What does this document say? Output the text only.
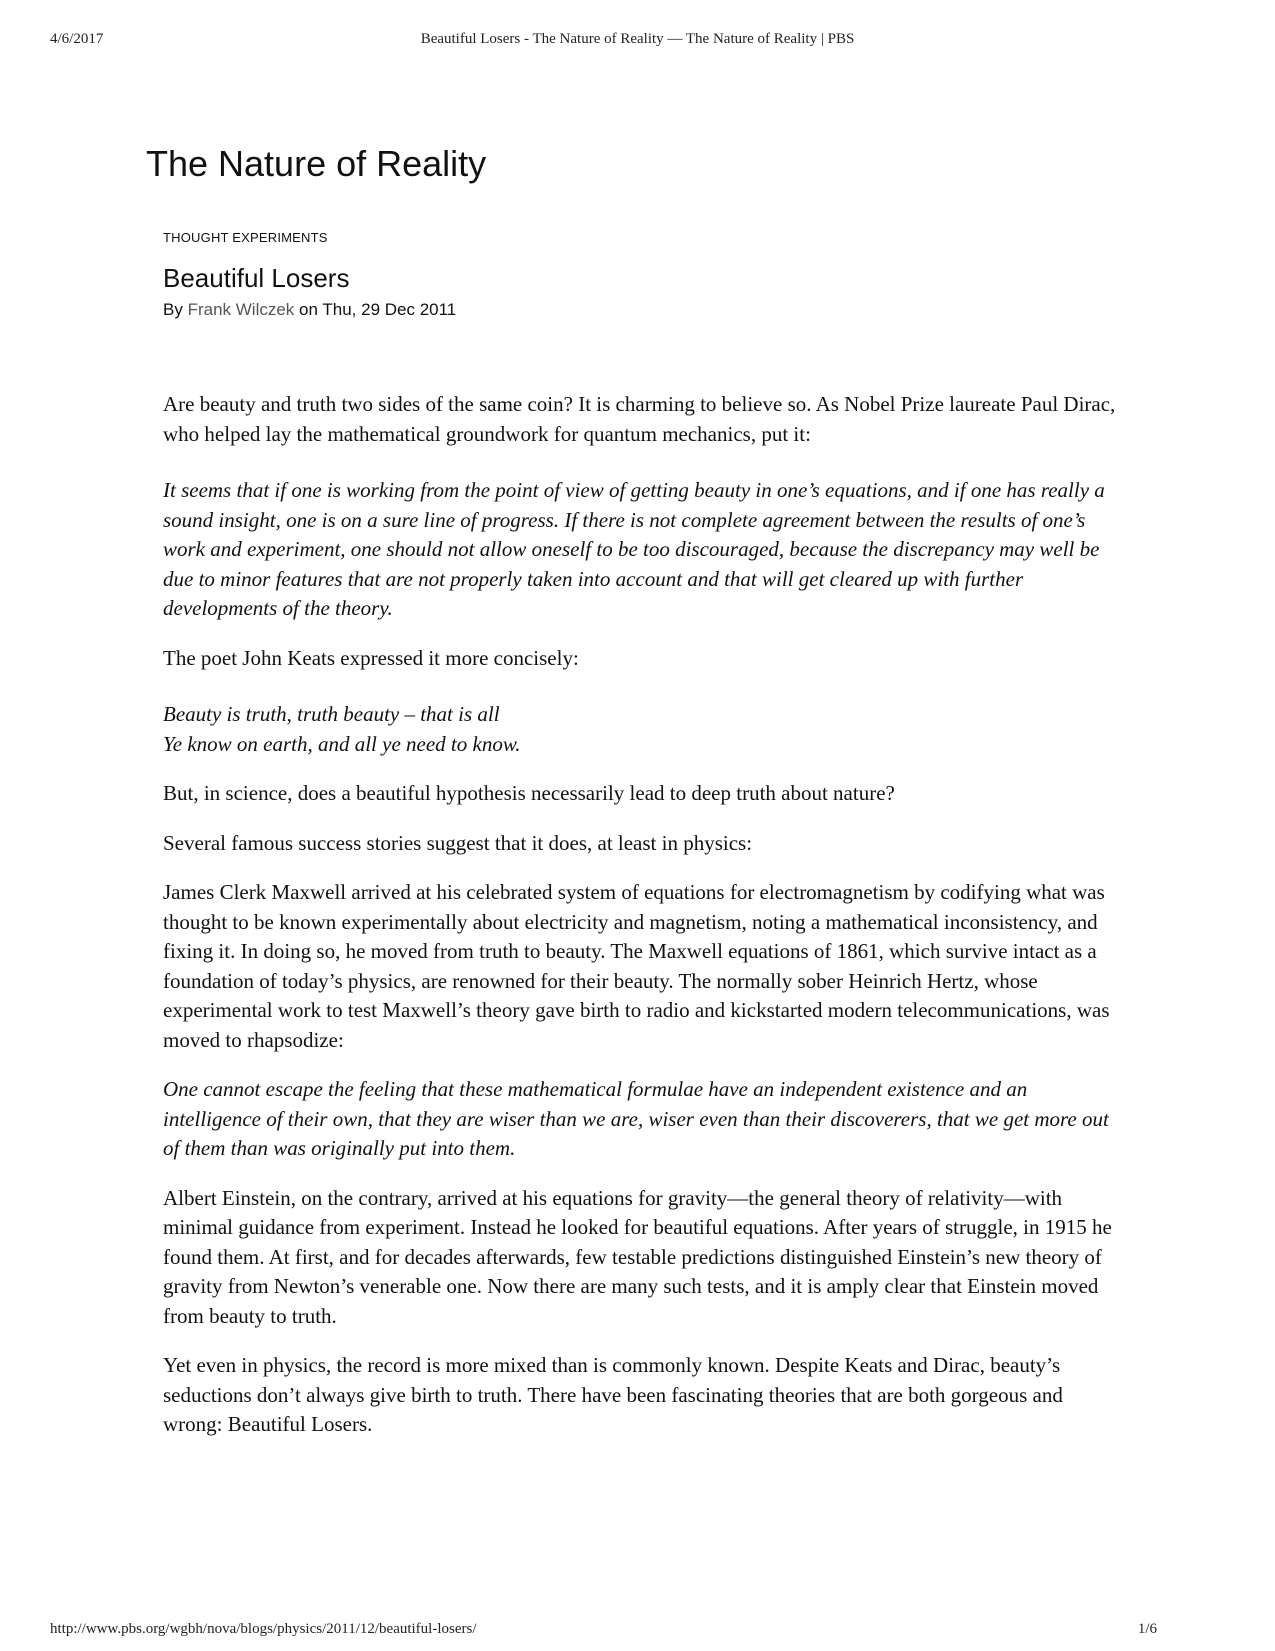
4/6/2017	Beautiful Losers - The Nature of Reality — The Nature of Reality | PBS
The Nature of Reality
THOUGHT EXPERIMENTS
Beautiful Losers
By Frank Wilczek on Thu, 29 Dec 2011

Are beauty and truth two sides of the same coin? It is charming to believe so. As Nobel Prize laureate Paul Dirac, who helped lay the mathematical groundwork for quantum mechanics, put it:

It seems that if one is working from the point of view of getting beauty in one’s equations, and if one has really a sound insight, one is on a sure line of progress. If there is not complete agreement between the results of one’s work and experiment, one should not allow oneself to be too discouraged, because the discrepancy may well be due to minor features that are not properly taken into account and that will get cleared up with further developments of the theory.

The poet John Keats expressed it more concisely:

Beauty is truth, truth beauty – that is all

Ye know on earth, and all ye need to know.

But, in science, does a beautiful hypothesis necessarily lead to deep truth about nature?

Several famous success stories suggest that it does, at least in physics:

James Clerk Maxwell arrived at his celebrated system of equations for electromagnetism by codifying what was thought to be known experimentally about electricity and magnetism, noting a mathematical inconsistency, and fixing it. In doing so, he moved from truth to beauty. The Maxwell equations of 1861, which survive intact as a foundation of today’s physics, are renowned for their beauty. The normally sober Heinrich Hertz, whose experimental work to test Maxwell’s theory gave birth to radio and kickstarted modern telecommunications, was moved to rhapsodize:

One cannot escape the feeling that these mathematical formulae have an independent existence and an intelligence of their own, that they are wiser than we are, wiser even than their discoverers, that we get more out of them than was originally put into them.

Albert Einstein, on the contrary, arrived at his equations for gravity—the general theory of relativity—with minimal guidance from experiment. Instead he looked for beautiful equations. After years of struggle, in 1915 he found them. At first, and for decades afterwards, few testable predictions distinguished Einstein’s new theory of gravity from Newton’s venerable one. Now there are many such tests, and it is amply clear that Einstein moved from beauty to truth.

Yet even in physics, the record is more mixed than is commonly known. Despite Keats and Dirac, beauty’s seductions don’t always give birth to truth. There have been fascinating theories that are both gorgeous and wrong: Beautiful Losers.

http://www.pbs.org/wgbh/nova/blogs/physics/2011/12/beautiful-losers/	1/6
